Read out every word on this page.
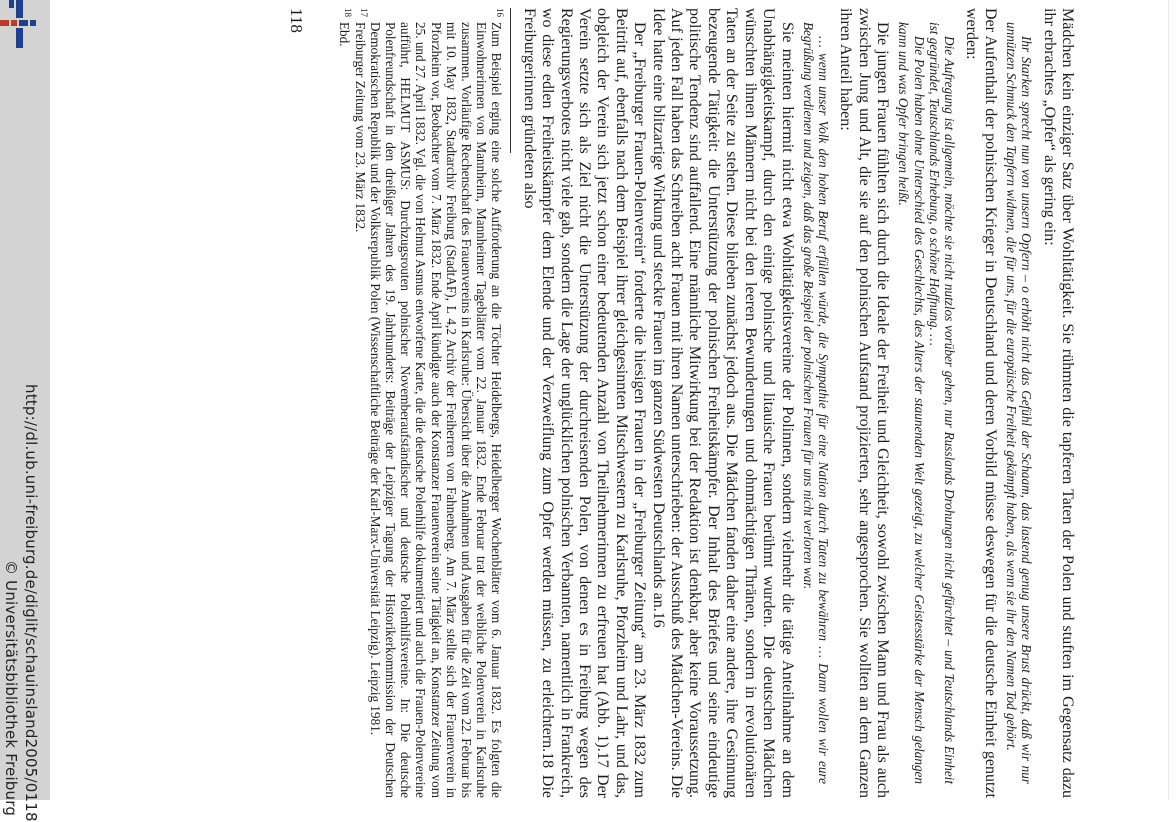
http://dl.ub.uni-freiburg.de/diglit/schauinsland2005/0118
© Universitätsbibliothek Freiburg	Mädchen kein einziger Satz über Wohltätigkeit. Sie rühmten die tapferen Taten der Polen und stuften im Gegensatz dazu ihr erbrachtes „Opfer“ als gering ein:

Ihr Starken sprecht nun von unsern Opfern – o erhöht nicht das Gefühl der Schaam, das lastend genug unsere Brust drückt, daß wir nur unnützen Schmuck den Tapfern widmen, die für uns, für die europäische Freiheit gekämpft haben, als wenn sie ihr den Namen Tod gehört.

Der Aufenthalt der polnischen Krieger in Deutschland und deren Vorbild müsse deswegen für die deutsche Einheit genutzt werden:

Die Aufregung ist allgemein, möchte sie nicht nutzlos vorüber gehen, nur Russlands Drohungen nicht gefürchtet – und Teutschlands Einheit ist gegründet, Teutschlands Erhebung, o schöne Hoffnung. …
Die Polen haben ohne Unterschied des Geschlechts, des Alters der staunenden Welt gezeigt, zu welcher Geistesstärke der Mensch gelangen kann und was Opfer bringen heißt.

Die jungen Frauen fühlten sich durch die Ideale der Freiheit und Gleichheit, sowohl zwischen Mann und Frau als auch zwischen Jung und Alt, die sie auf den polnischen Aufstand projizierten, sehr angesprochen. Sie wollten an dem Ganzen ihren Anteil haben:

… wenn unser Volk den hohen Beruf erfüllen würde, die Sympathie für eine Nation durch Taten zu bewähren … Dann wollen wir eure Begrüßung verdienen und zeigen, daß das große Beispiel der polnischen Frauen für uns nicht verloren war.

Sie meinten hiermit nicht etwa Wohltätigkeitsvereine der Polinnen, sondern vielmehr die tätige Anteilnahme an dem Unabhängigkeitskampf, durch den einige polnische und litauische Frauen berühmt wurden. Die deutschen Mädchen wünschten ihnen Männern nicht bei den leeren Bewunderungen und ohnmächtigen Thränen, sondern in revolutionären Taten an der Seite zu stehen. Diese blieben zunächst jedoch aus. Die Mädchen fanden daher eine andere, ihre Gesinnung bezeugende Tätigkeit: die Unterstützung der polnischen Freiheitskämpfer. Der Inhalt des Briefes und seine eindeutige politische Tendenz sind auffallend. Eine männliche Mitwirkung bei der Redaktion ist denkbar, aber keine Voraussetzung. Auf jeden Fall haben das Schreiben acht Frauen mit ihren Namen unterschrieben: der Ausschuß des Mädchen-Vereins. Die Idee hatte eine blitzartige Wirkung und steckte Frauen im ganzen Südwesten Deutschlands an.16

Der „Freiburger Frauen-Polenverein“ forderte die hiesigen Frauen in der „Freiburger Zeitung“ am 23. März 1832 zum Beitritt auf, ebenfalls nach dem Beispiel ihrer gleichgesinnten Mitschwestern zu Karlsruhe, Pforzheim und Lahr, und das, obgleich der Verein sich jetzt schon einer bedeutenden Anzahl von Theilnehmerinnen zu erfreuen hat (Abb. 1).17 Der Verein setzte sich als Ziel nicht die Unterstützung der durchreisenden Polen, von denen es in Freiburg wegen des Regierungsverbotes nicht viele gab, sondern die Lage der unglücklichen polnischen Verbannten, namentlich in Frankreich, wo diese edlen Freiheitskämpfer dem Elende und der Verzweiflung zum Opfer werden müssen, zu erleichtern.18 Die Freiburgerinnen gründeten also

16
Zum Beispiel erging eine solche Aufforderung an die Töchter Heidelbergs, Heidelberger Wochenblätter vom 6. Januar 1832. Es folgten die Einwohnerinnen von Mannheim, Mannheimer Tageblätter vom 22. Januar 1832. Ende Februar trat der weibliche Polenverein in Karlsruhe zusammen. Vorläufige Rechenschaft des Frauenvereins in Karlsruhe: Übersicht über die Annahmen und Ausgaben für die Zeit vom 22. Februar bis mit 10. May 1832, Stadtarchiv Freiburg (StadtAF), L 4,2 Archiv der Freiherren von Fahnenberg. Am 7. März stellte sich der Frauenverein in Pforzheim vor, Beobachter vom 7. März 1832. Ende April kündigte auch der Konstanzer Frauenverein seine Tätigkeit an, Konstanzer Zeitung vom 25. und 27. April 1832. Vgl. die von Helmut Asmus entworfene Karte, die die deutsche Polenhilfe dokumentiert und auch die Frauen-Polenvereine aufführt, HELMUT ASMUS: Durchzugsrouten polnischer Novemberaufständischer und deutsche Polenhilfsvereine. In: Die deutsche Polenfreundschaft in den dreißiger Jahren des 19. Jahrhunderts: Beiträge der Leipziger Tagung der Historikerkommission der Deutschen Demokratischen Republik und der Volksrepublik Polen (Wissenschaftliche Beiträge der Karl-Marx-Universität Leipzig). Leipzig 1981.

17
Freiburger Zeitung vom 23. März 1832.

18
Ebd.

118
